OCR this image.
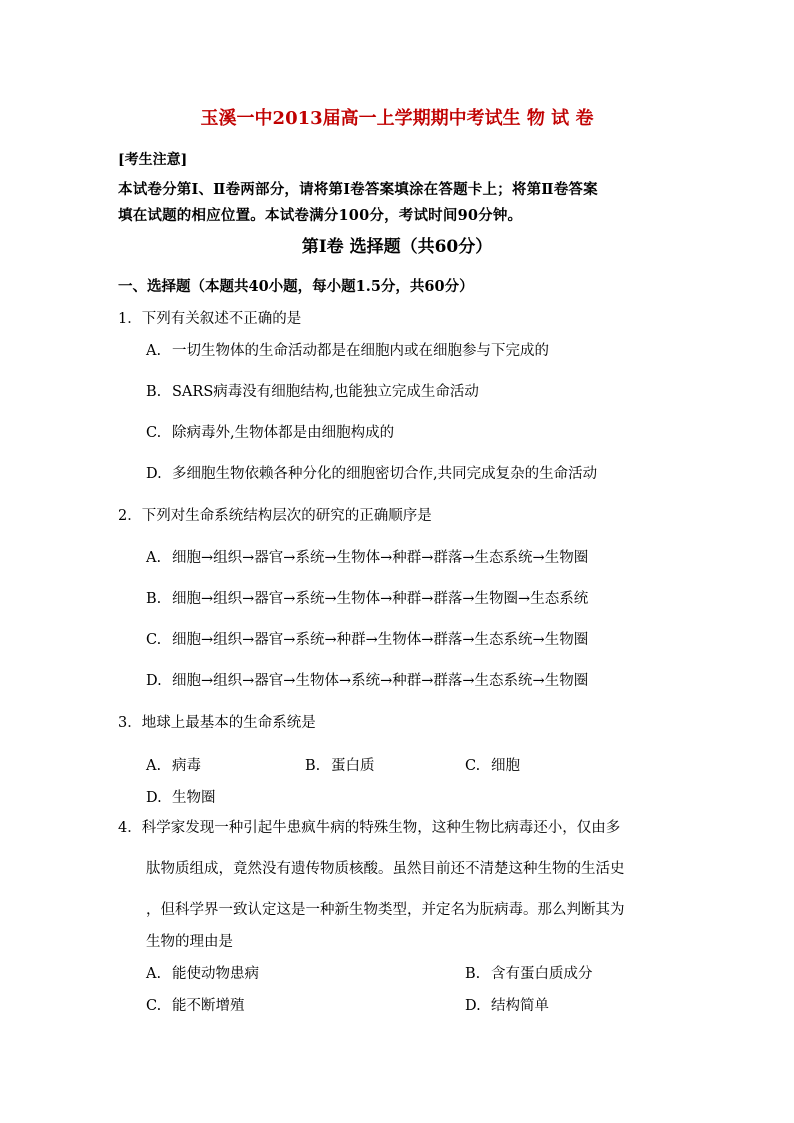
玉溪一中2013届高一上学期期中考试生 物 试 卷
[考生注意]
本试卷分第Ⅰ、Ⅱ卷两部分，请将第Ⅰ卷答案填涂在答题卡上；将第Ⅱ卷答案
填在试题的相应位置。本试卷满分100分，考试时间90分钟。
第Ⅰ卷 选择题（共60分）
一、选择题（本题共40小题，每小题1.5分，共60分）
1．下列有关叙述不正确的是
A. 一切生物体的生命活动都是在细胞内或在细胞参与下完成的
B. SARS病毒没有细胞结构,也能独立完成生命活动
C. 除病毒外,生物体都是由细胞构成的
D. 多细胞生物依赖各种分化的细胞密切合作,共同完成复杂的生命活动
2．下列对生命系统结构层次的研究的正确顺序是
A. 细胞→组织→器官→系统→生物体→种群→群落→生态系统→生物圈
B. 细胞→组织→器官→系统→生物体→种群→群落→生物圈→生态系统
C. 细胞→组织→器官→系统→种群→生物体→群落→生态系统→生物圈
D. 细胞→组织→器官→生物体→系统→种群→群落→生态系统→生物圈
3．地球上最基本的生命系统是
A. 病毒	B. 蛋白质	C. 细胞
D. 生物圈
4．科学家发现一种引起牛患疯牛病的特殊生物，这种生物比病毒还小，仅由多
肽物质组成，竟然没有遗传物质核酸。虽然目前还不清楚这种生物的生活史
，但科学界一致认定这是一种新生物类型，并定名为朊病毒。那么判断其为
生物的理由是
A. 能使动物患病	B. 含有蛋白质成分
C. 能不断增殖	D. 结构简单
